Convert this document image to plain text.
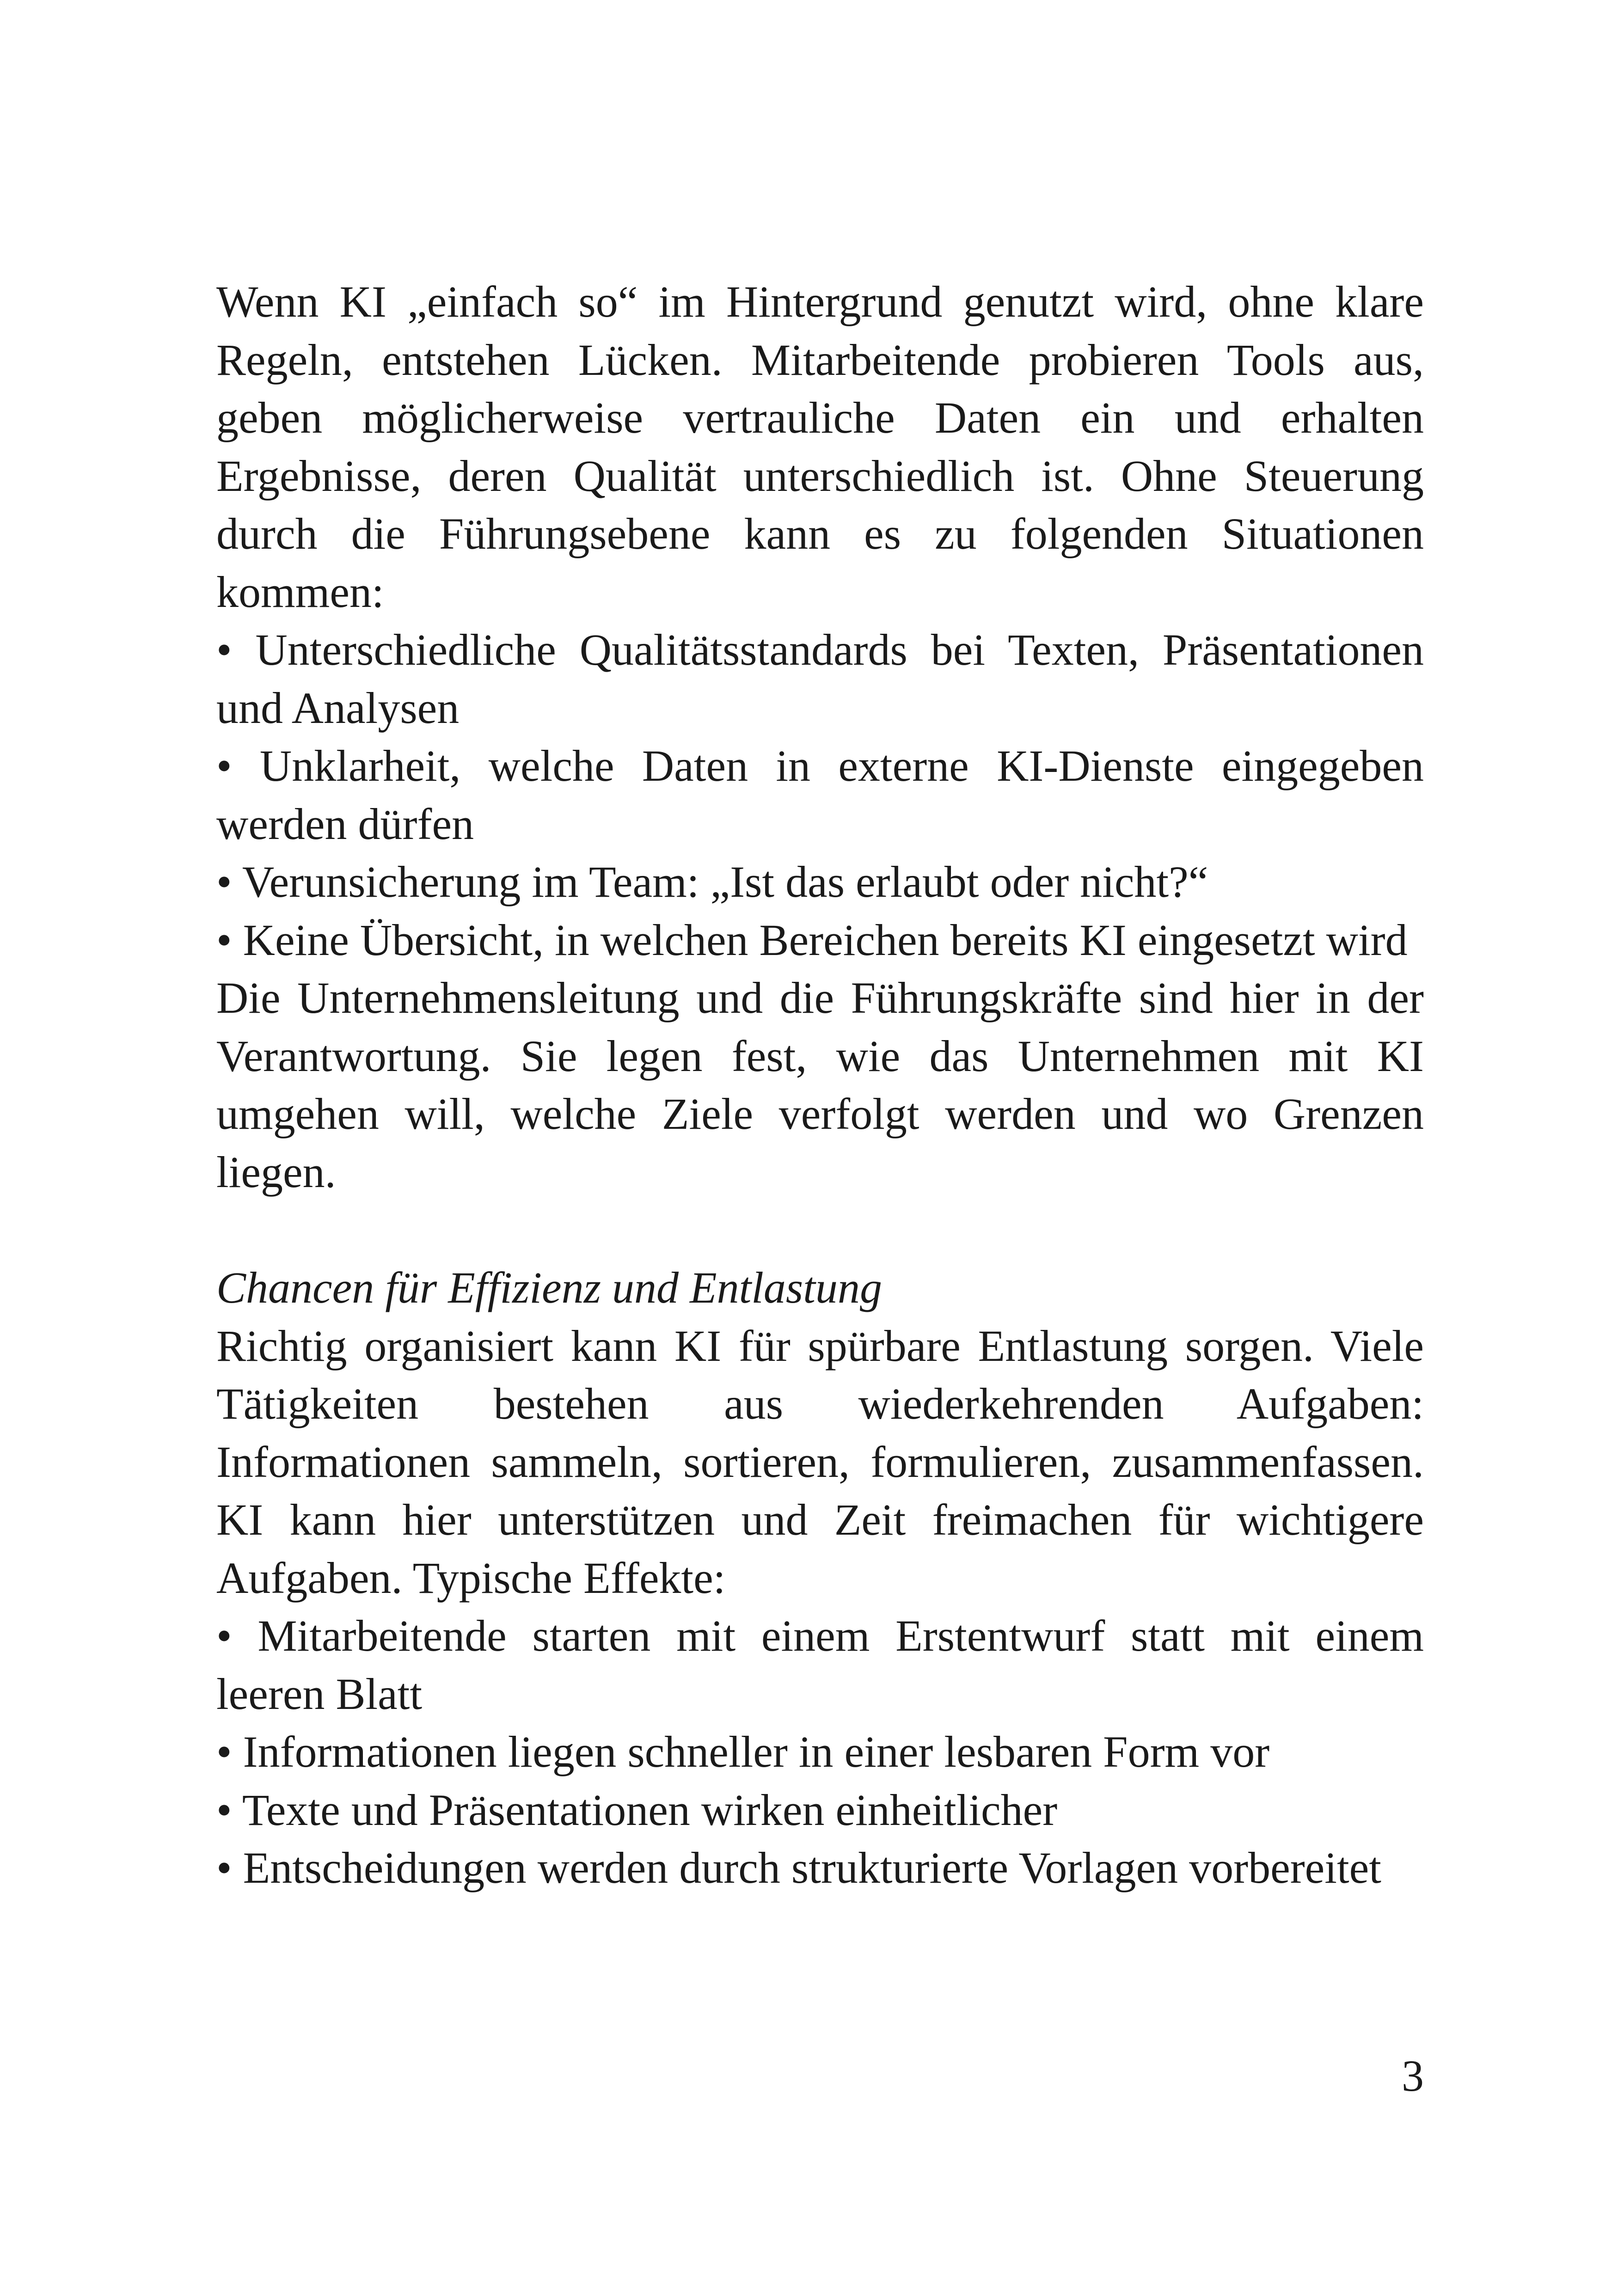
Wenn KI „einfach so“ im Hintergrund genutzt wird, ohne klare Regeln, entstehen Lücken. Mitarbeitende probieren Tools aus, geben möglicherweise vertrauliche Daten ein und erhalten Ergebnisse, deren Qualität unterschiedlich ist. Ohne Steuerung durch die Führungsebene kann es zu folgenden Situationen kommen:

• Unterschiedliche Qualitätsstandards bei Texten, Präsentationen und Analysen

• Unklarheit, welche Daten in externe KI-Dienste eingegeben werden dürfen

• Verunsicherung im Team: „Ist das erlaubt oder nicht?“

• Keine Übersicht, in welchen Bereichen bereits KI eingesetzt wird

Die Unternehmensleitung und die Führungskräfte sind hier in der Verantwortung. Sie legen fest, wie das Unternehmen mit KI umgehen will, welche Ziele verfolgt werden und wo Grenzen liegen.

Chancen für Effizienz und Entlastung

Richtig organisiert kann KI für spürbare Entlastung sorgen. Viele Tätigkeiten bestehen aus wiederkehrenden Aufgaben: Informationen sammeln, sortieren, formulieren, zusammenfassen. KI kann hier unterstützen und Zeit freimachen für wichtigere Aufgaben. Typische Effekte:

• Mitarbeitende starten mit einem Erstentwurf statt mit einem leeren Blatt

• Informationen liegen schneller in einer lesbaren Form vor

• Texte und Präsentationen wirken einheitlicher

• Entscheidungen werden durch strukturierte Vorlagen vorbereitet

3
